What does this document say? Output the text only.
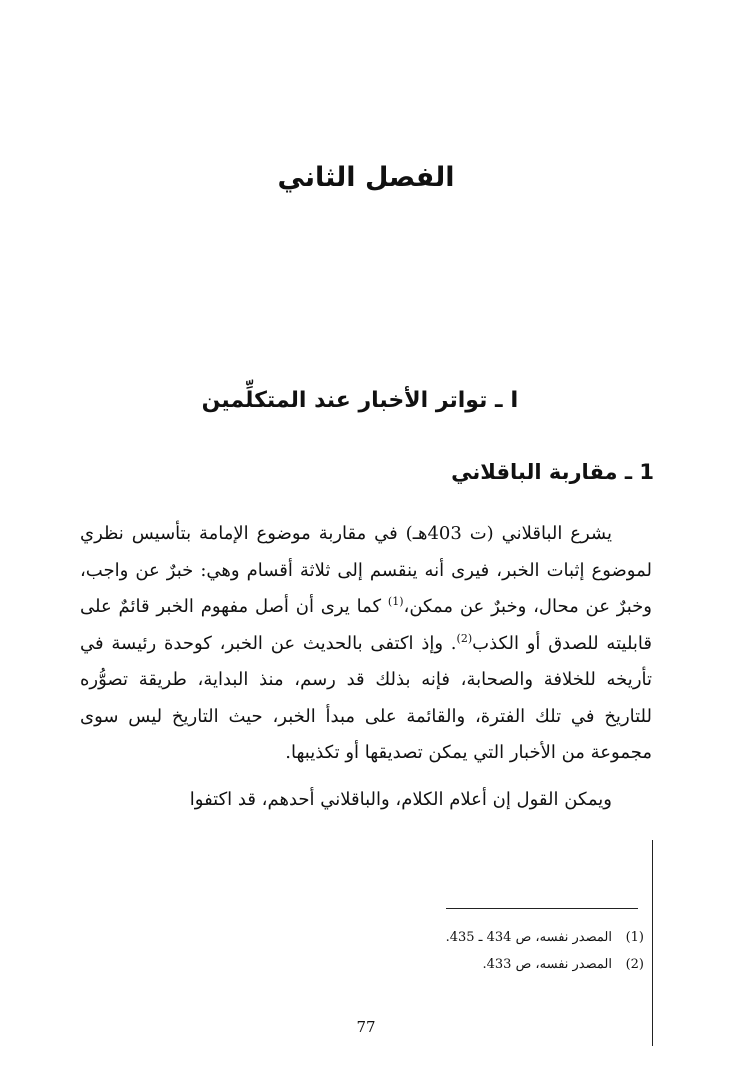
الفصل الثاني
I ـ تواتر الأخبار عند المتكلِّمين
1 ـ مقاربة الباقلاني

يشرع الباقلاني (ت 403هـ) في مقاربة موضوع الإمامة بتأسيس نظري لموضوع إثبات الخبر، فيرى أنه ينقسم إلى ثلاثة أقسام وهي: خبرٌ عن واجب، وخبرٌ عن محال، وخبرٌ عن ممكن،$^{(1)}$ كما يرى أن أصل مفهوم الخبر قائمٌ على قابليته للصدق أو الكذب$^{(2)}$. وإذ اكتفى بالحديث عن الخبر، كوحدة رئيسة في تأريخه للخلافة والصحابة، فإنه بذلك قد رسم، منذ البداية، طريقة تصوُّره للتاريخ في تلك الفترة، والقائمة على مبدأ الخبر، حيث التاريخ ليس سوى مجموعة من الأخبار التي يمكن تصديقها أو تكذيبها.

ويمكن القول إن أعلام الكلام، والباقلاني أحدهم، قد اكتفوا

(1)المصدر نفسه، ص 434 ـ 435.
(2)المصدر نفسه، ص 433.
77
